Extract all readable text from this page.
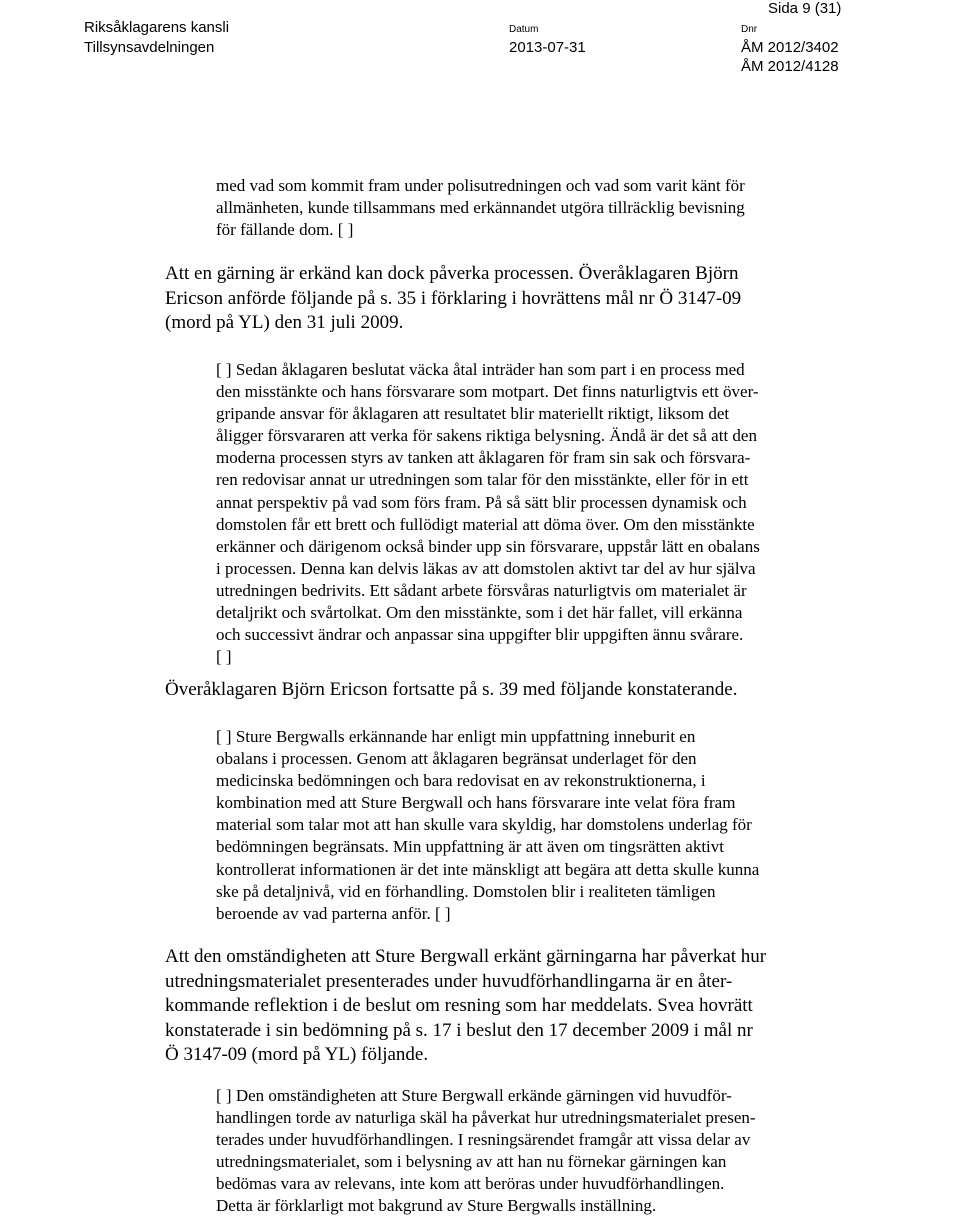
Riksåklagarens kansli
Tillsynsavdelningen
Datum
2013-07-31
Dnr
ÅM 2012/3402
ÅM 2012/4128
Sida 9 (31)
med vad som kommit fram under polisutredningen och vad som varit känt för
allmänheten, kunde tillsammans med erkännandet utgöra tillräcklig bevisning
för fällande dom. [ ]
Att en gärning är erkänd kan dock påverka processen. Överåklagaren Björn
Ericson anförde följande på s. 35 i förklaring i hovrättens mål nr Ö 3147-09
(mord på YL) den 31 juli 2009.
[ ] Sedan åklagaren beslutat väcka åtal inträder han som part i en process med
den misstänkte och hans försvarare som motpart. Det finns naturligtvis ett över-
gripande ansvar för åklagaren att resultatet blir materiellt riktigt, liksom det
åligger försvararen att verka för sakens riktiga belysning. Ändå är det så att den
moderna processen styrs av tanken att åklagaren för fram sin sak och försvara-
ren redovisar annat ur utredningen som talar för den misstänkte, eller för in ett
annat perspektiv på vad som förs fram. På så sätt blir processen dynamisk och
domstolen får ett brett och fullödigt material att döma över. Om den misstänkte
erkänner och därigenom också binder upp sin försvarare, uppstår lätt en obalans
i processen. Denna kan delvis läkas av att domstolen aktivt tar del av hur själva
utredningen bedrivits. Ett sådant arbete försvåras naturligtvis om materialet är
detaljrikt och svårtolkat. Om den misstänkte, som i det här fallet, vill erkänna
och successivt ändrar och anpassar sina uppgifter blir uppgiften ännu svårare.
[ ]
Överåklagaren Björn Ericson fortsatte på s. 39 med följande konstaterande.
[ ] Sture Bergwalls erkännande har enligt min uppfattning inneburit en
obalans i processen. Genom att åklagaren begränsat underlaget för den
medicinska bedömningen och bara redovisat en av rekonstruktionerna, i
kombination med att Sture Bergwall och hans försvarare inte velat föra fram
material som talar mot att han skulle vara skyldig, har domstolens underlag för
bedömningen begränsats. Min uppfattning är att även om tingsrätten aktivt
kontrollerat informationen är det inte mänskligt att begära att detta skulle kunna
ske på detaljnivå, vid en förhandling. Domstolen blir i realiteten tämligen
beroende av vad parterna anför. [ ]
Att den omständigheten att Sture Bergwall erkänt gärningarna har påverkat hur
utredningsmaterialet presenterades under huvudförhandlingarna är en åter-
kommande reflektion i de beslut om resning som har meddelats. Svea hovrätt
konstaterade i sin bedömning på s. 17 i beslut den 17 december 2009 i mål nr
Ö 3147-09 (mord på YL) följande.
[ ] Den omständigheten att Sture Bergwall erkände gärningen vid huvudför-
handlingen torde av naturliga skäl ha påverkat hur utredningsmaterialet presen-
terades under huvudförhandlingen. I resningsärendet framgår att vissa delar av
utredningsmaterialet, som i belysning av att han nu förnekar gärningen kan
bedömas vara av relevans, inte kom att beröras under huvudförhandlingen.
Detta är förklarligt mot bakgrund av Sture Bergwalls inställning.
